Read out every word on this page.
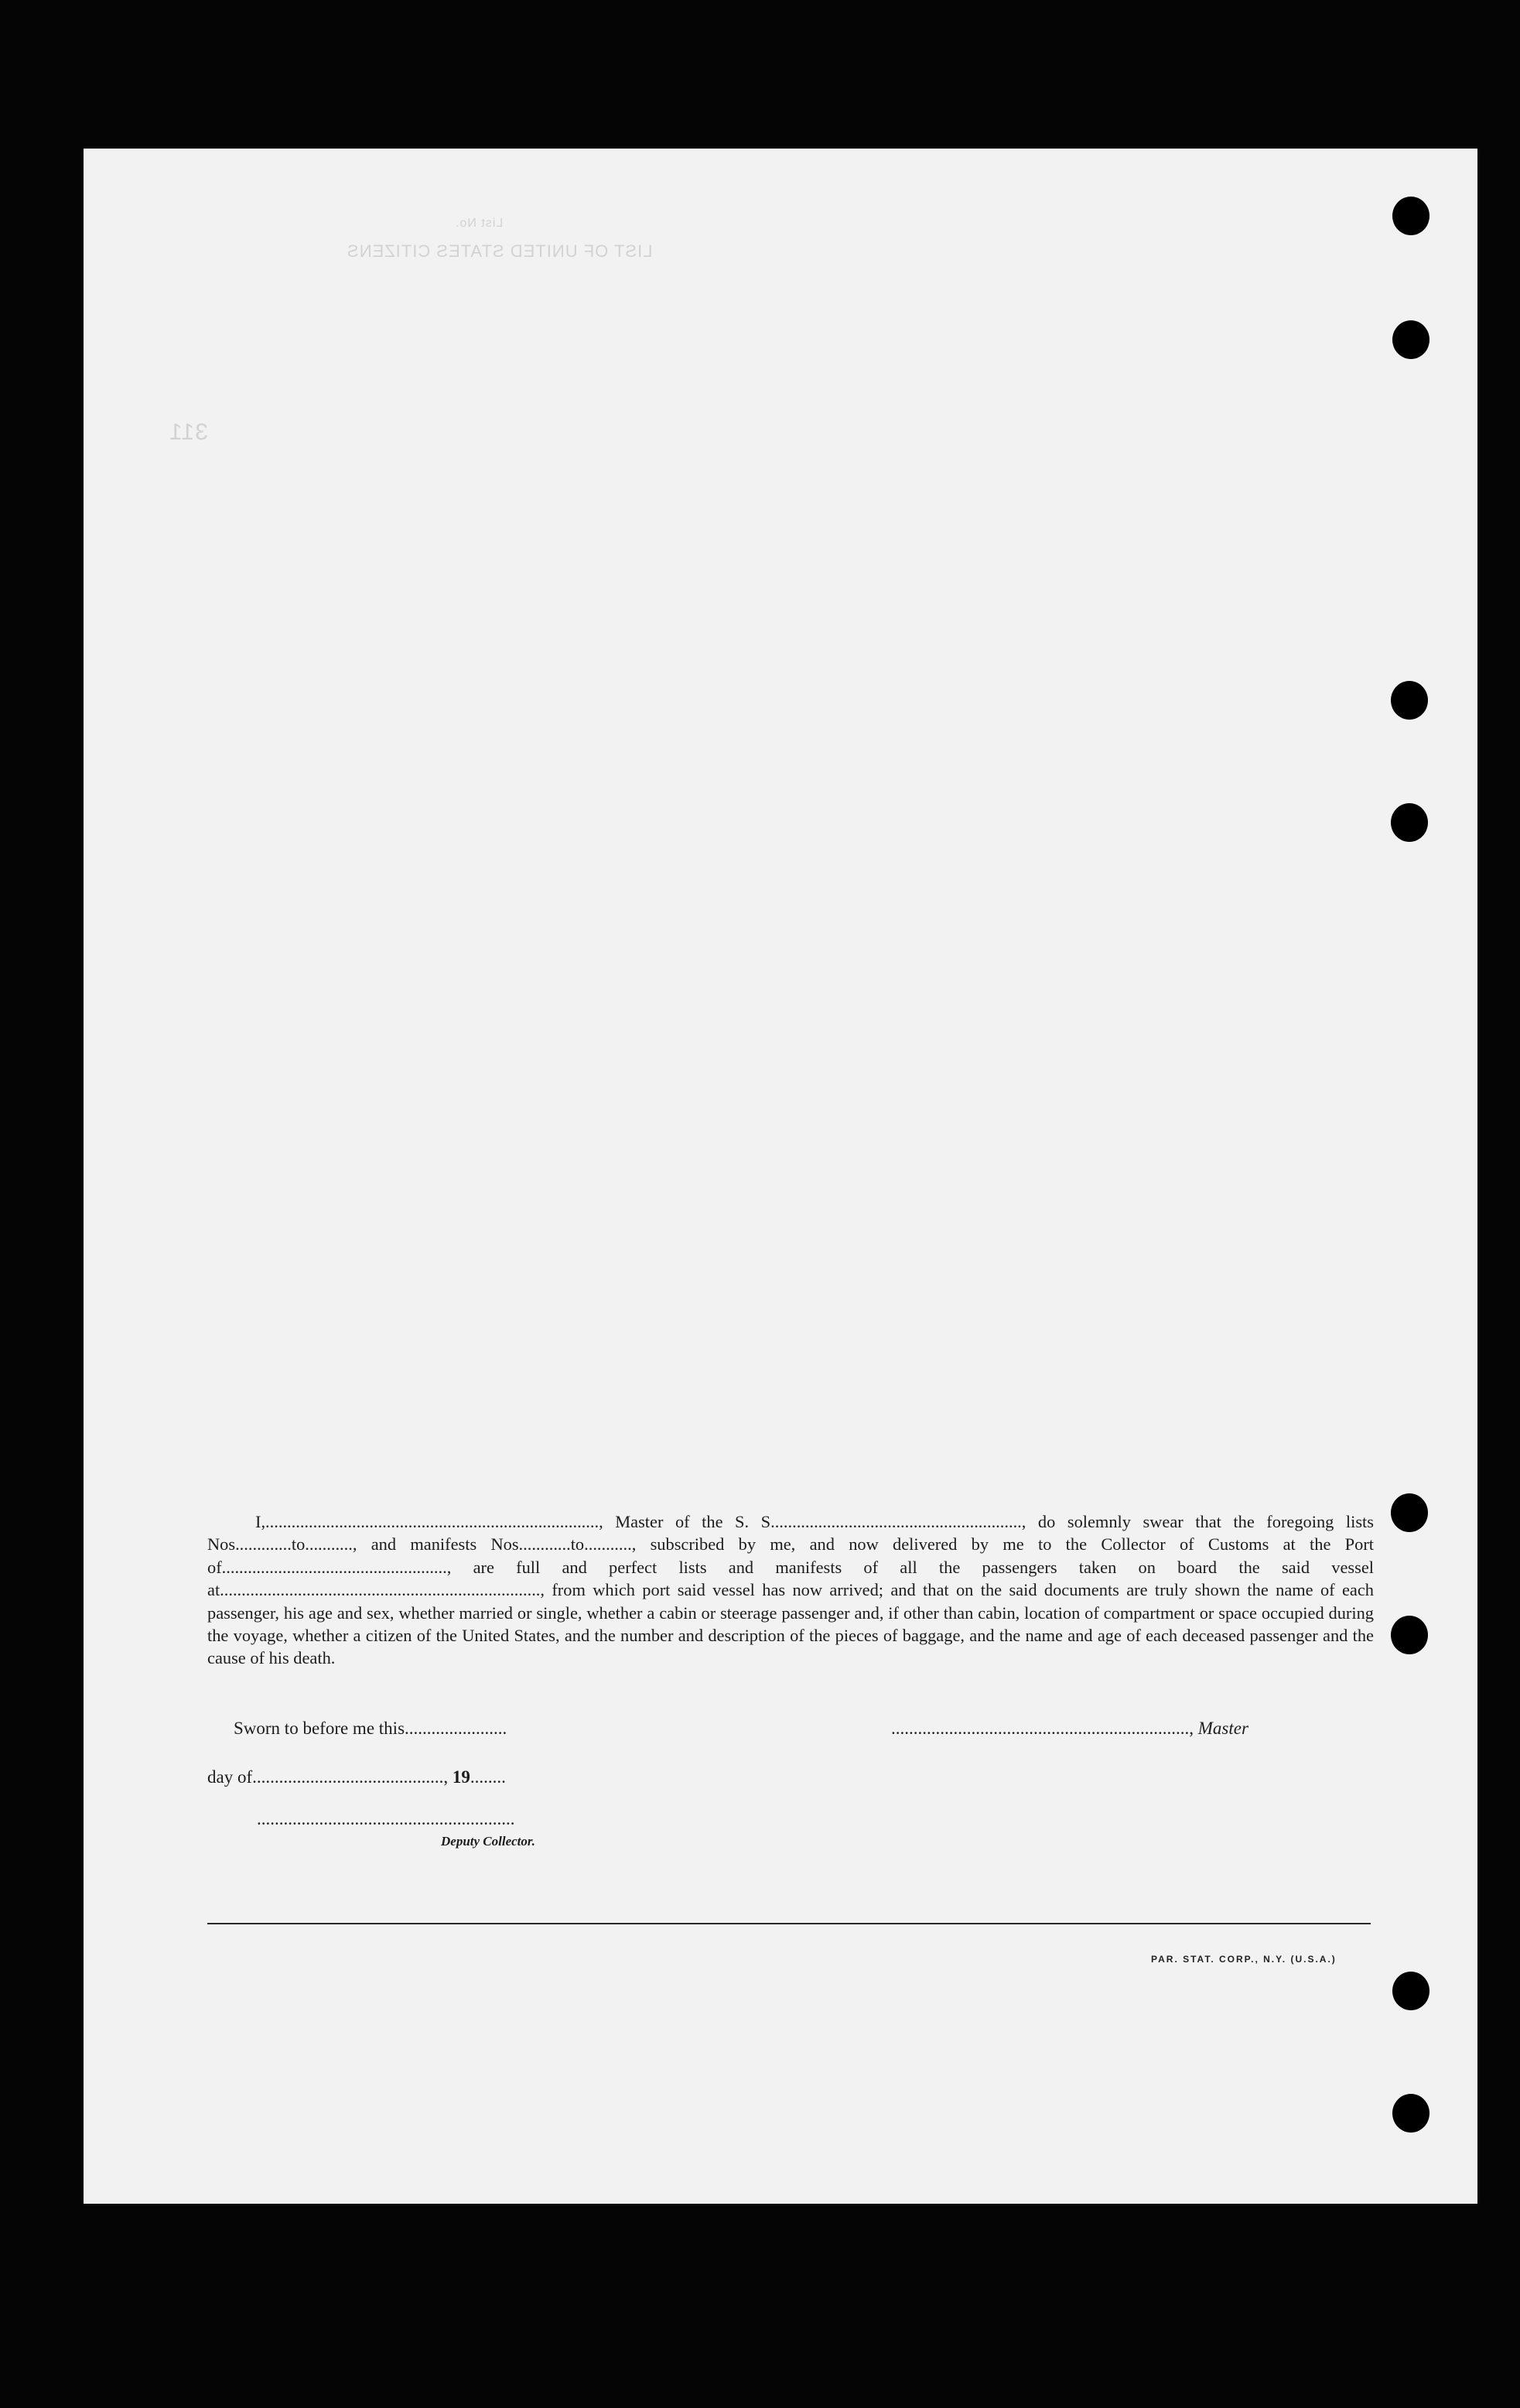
LIST OF UNITED STATES CITIZENS
List No.
311
I,............................................................................., Master of the S. S.........................................................., do solemnly swear that the foregoing lists Nos.............to..........., and manifests Nos............to..........., subscribed by me, and now delivered by me to the Collector of Customs at the Port of...................................................., are full and perfect lists and manifests of all the passengers taken on board the said vessel at.........................................................................., from which port said vessel has now arrived; and that on the said documents are truly shown the name of each passenger, his age and sex, whether married or single, whether a cabin or steerage passenger and, if other than cabin, location of compartment or space occupied during the voyage, whether a citizen of the United States, and the number and description of the pieces of baggage, and the name and age of each deceased passenger and the cause of his death.
Sworn to before me this.......................	..................................................................., Master
day of..........................................., 19........
..........................................................
Deputy Collector.
PAR. STAT. CORP., N.Y. (U.S.A.)
